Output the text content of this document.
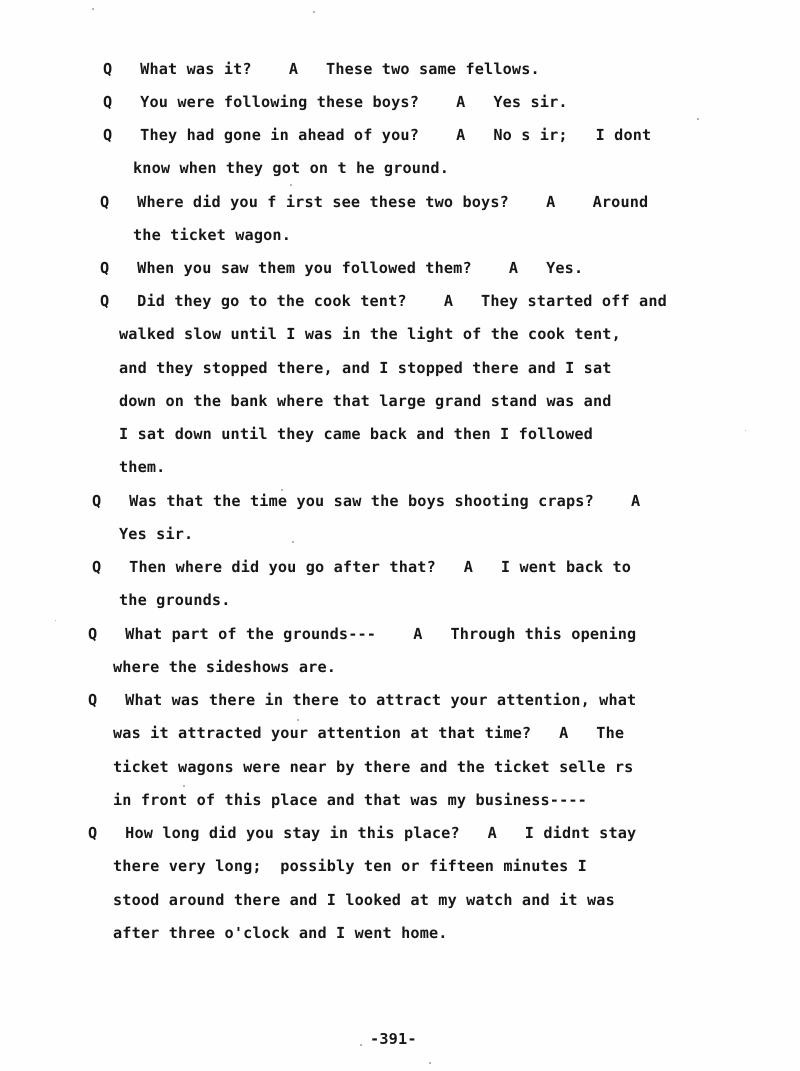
Q   What was it?    A   These two same fellows.
Q   You were following these boys?    A   Yes sir.
Q   They had gone in ahead of you?    A   No s ir;   I dont
know when they got on t he ground.
Q   Where did you f irst see these two boys?    A    Around
the ticket wagon.
Q   When you saw them you followed them?    A   Yes.
Q   Did they go to the cook tent?    A   They started off and
walked slow until I was in the light of the cook tent,
and they stopped there, and I stopped there and I sat
down on the bank where that large grand stand was and
I sat down until they came back and then I followed
them.
Q   Was that the time you saw the boys shooting craps?    A
Yes sir.
Q   Then where did you go after that?   A   I went back to
the grounds.
Q   What part of the grounds---    A   Through this opening
where the sideshows are.
Q   What was there in there to attract your attention, what
was it attracted your attention at that time?   A   The
ticket wagons were near by there and the ticket selle rs
in front of this place and that was my business----
Q   How long did you stay in this place?   A   I didnt stay
there very long;  possibly ten or fifteen minutes I
stood around there and I looked at my watch and it was
after three o'clock and I went home.
-391-
